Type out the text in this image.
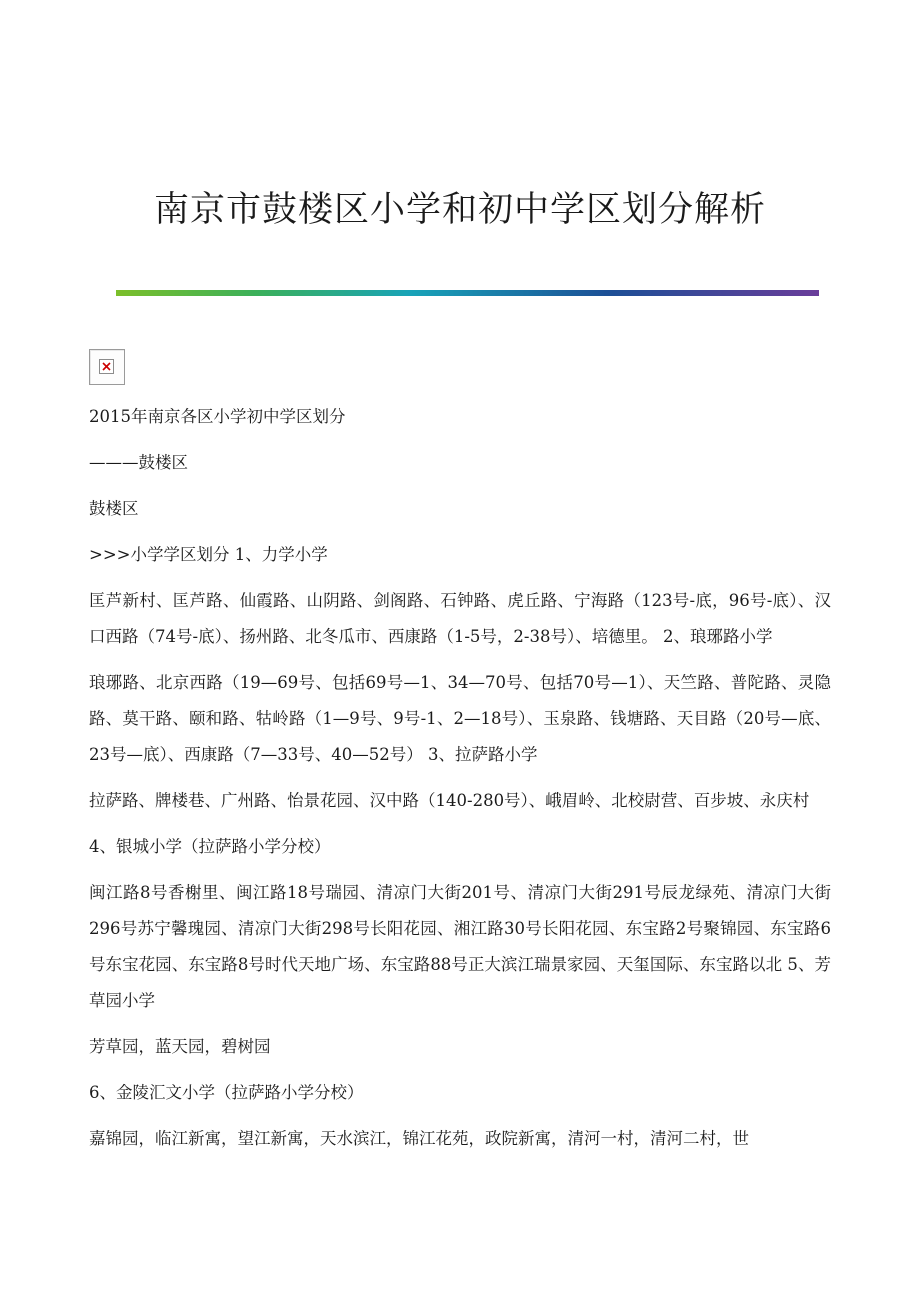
南京市鼓楼区小学和初中学区划分解析

2015年南京各区小学初中学区划分

———鼓楼区

鼓楼区

>>>小学学区划分 1、力学小学

匡芦新村、匡芦路、仙霞路、山阴路、剑阁路、石钟路、虎丘路、宁海路（123号-底，96号-底）、汉口西路（74号-底）、扬州路、北冬瓜市、西康路（1-5号，2-38号）、培德里。 2、琅琊路小学

琅琊路、北京西路（19—69号、包括69号—1、34—70号、包括70号—1）、天竺路、普陀路、灵隐路、莫干路、颐和路、牯岭路（1—9号、9号-1、2—18号）、玉泉路、钱塘路、天目路（20号—底、23号—底）、西康路（7—33号、40—52号） 3、拉萨路小学

拉萨路、牌楼巷、广州路、怡景花园、汉中路（140-280号）、峨眉岭、北校尉营、百步坡、永庆村

4、银城小学（拉萨路小学分校）

闽江路8号香榭里、闽江路18号瑞园、清凉门大街201号、清凉门大街291号辰龙绿苑、清凉门大街296号苏宁馨瑰园、清凉门大街298号长阳花园、湘江路30号长阳花园、东宝路2号聚锦园、东宝路6号东宝花园、东宝路8号时代天地广场、东宝路88号正大滨江瑞景家园、天玺国际、东宝路以北 5、芳草园小学

芳草园，蓝天园，碧树园

6、金陵汇文小学（拉萨路小学分校）

嘉锦园，临江新寓，望江新寓，天水滨江，锦江花苑，政院新寓，清河一村，清河二村，世
